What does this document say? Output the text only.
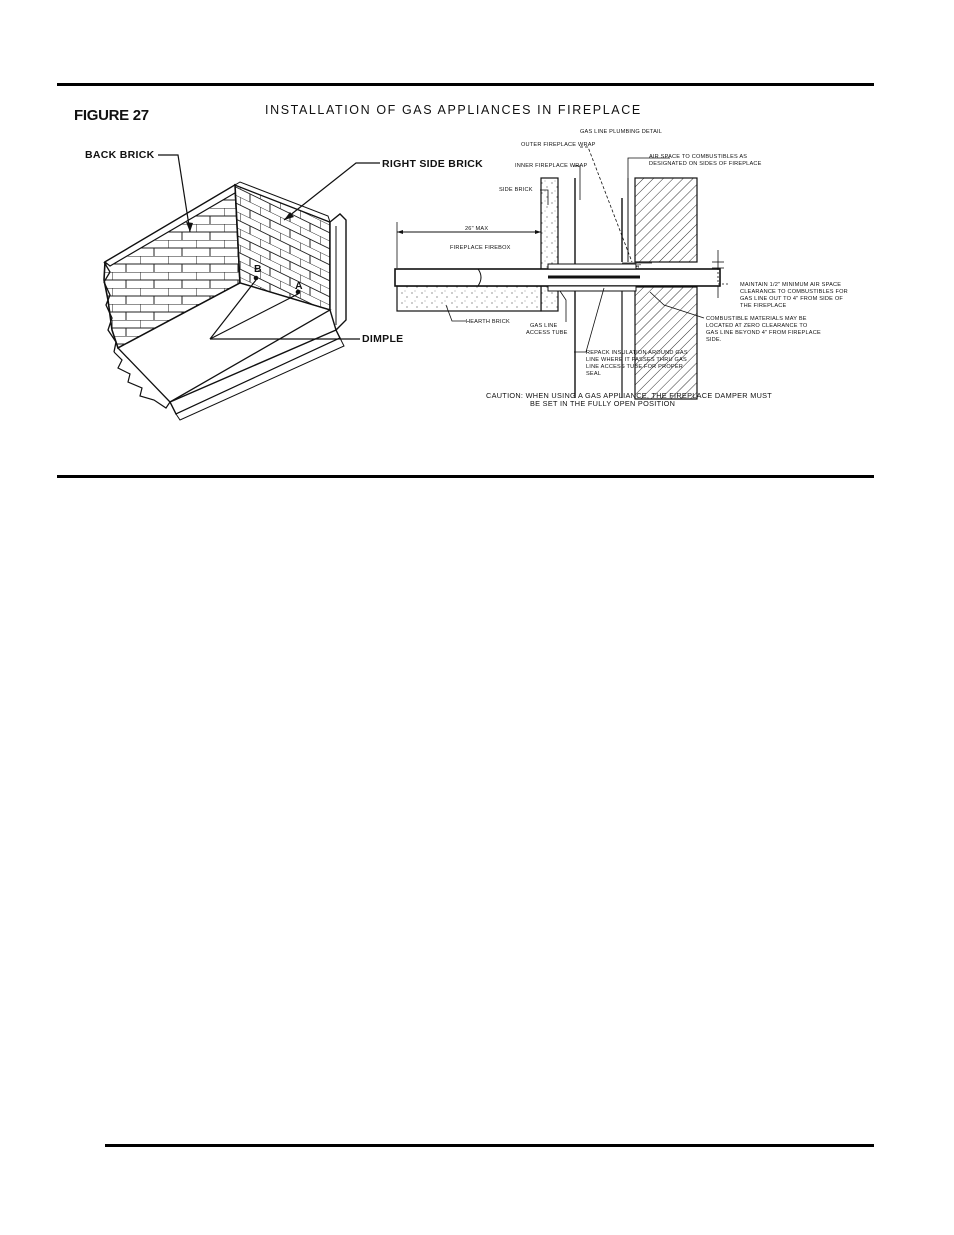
FIGURE 27	INSTALLATION OF GAS APPLIANCES IN FIREPLACE
B
A
BACK BRICK
RIGHT SIDE BRICK
DIMPLE
GAS LINE PLUMBING DETAIL
26" MAX
FIREPLACE FIREBOX
4"
OUTER FIREPLACE WRAP
INNER FIREPLACE WRAP
SIDE BRICK
HEARTH BRICK
GAS LINE
ACCESS TUBE
AIR SPACE TO COMBUSTIBLES AS
DESIGNATED ON SIDES OF FIREPLACE
MAINTAIN 1/2" MINIMUM AIR SPACE
CLEARANCE TO COMBUSTIBLES FOR
GAS LINE OUT TO 4" FROM SIDE OF
THE FIREPLACE
COMBUSTIBLE MATERIALS MAY BE
LOCATED AT ZERO CLEARANCE TO
GAS LINE BEYOND 4" FROM FIREPLACE
SIDE.
REPACK INSULATION AROUND GAS
LINE WHERE IT PASSES THRU GAS
LINE ACCESS TUBE FOR PROPER
SEAL
CAUTION: WHEN USING A GAS APPLIANCE, THE FIREPLACE DAMPER MUST
BE SET IN THE FULLY OPEN POSITION
